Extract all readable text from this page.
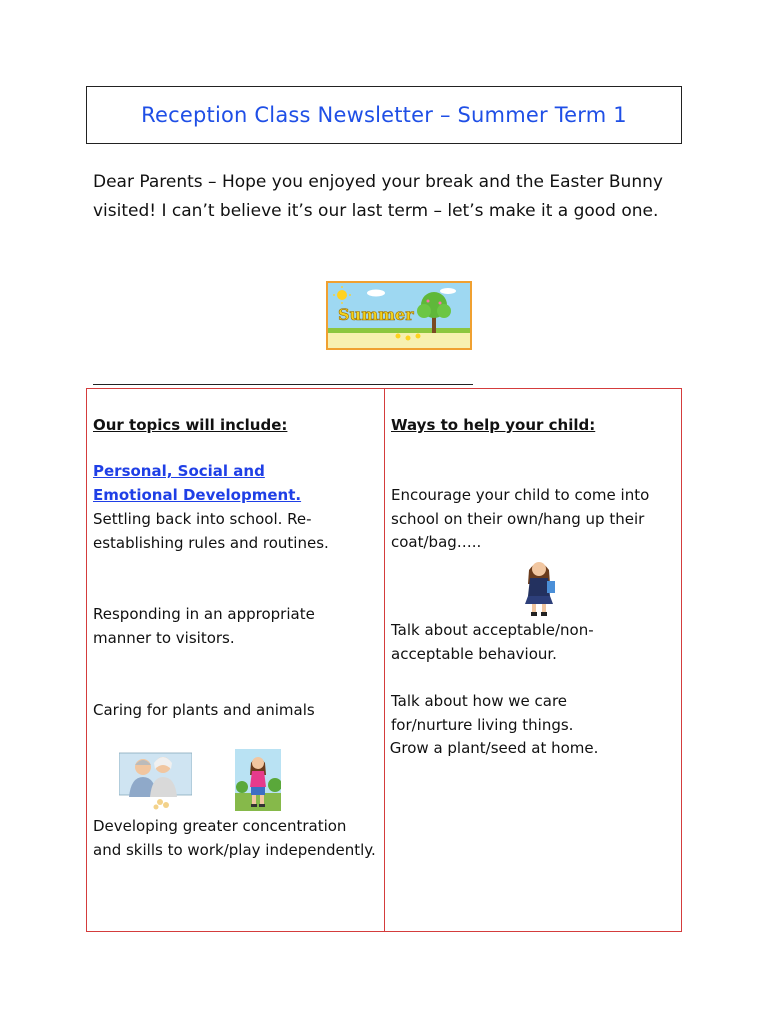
Reception Class Newsletter – Summer Term 1
Dear Parents – Hope you enjoyed your break and the Easter Bunny visited! I can’t believe it’s our last term – let’s make it a good one.
Summer
Our topics will include:
Personal, Social and
Emotional Development.
Settling back into school. Re-establishing rules and routines.
Responding in an appropriate manner to visitors.
Caring for plants and animals
Developing greater concentration and skills to work/play independently.
Ways to help your child:
Encourage your child to come into school on their own/hang up their coat/bag…..
Talk about acceptable/non-acceptable behaviour.
Talk about how we care
for/nurture living things.
Grow a plant/seed at home.
